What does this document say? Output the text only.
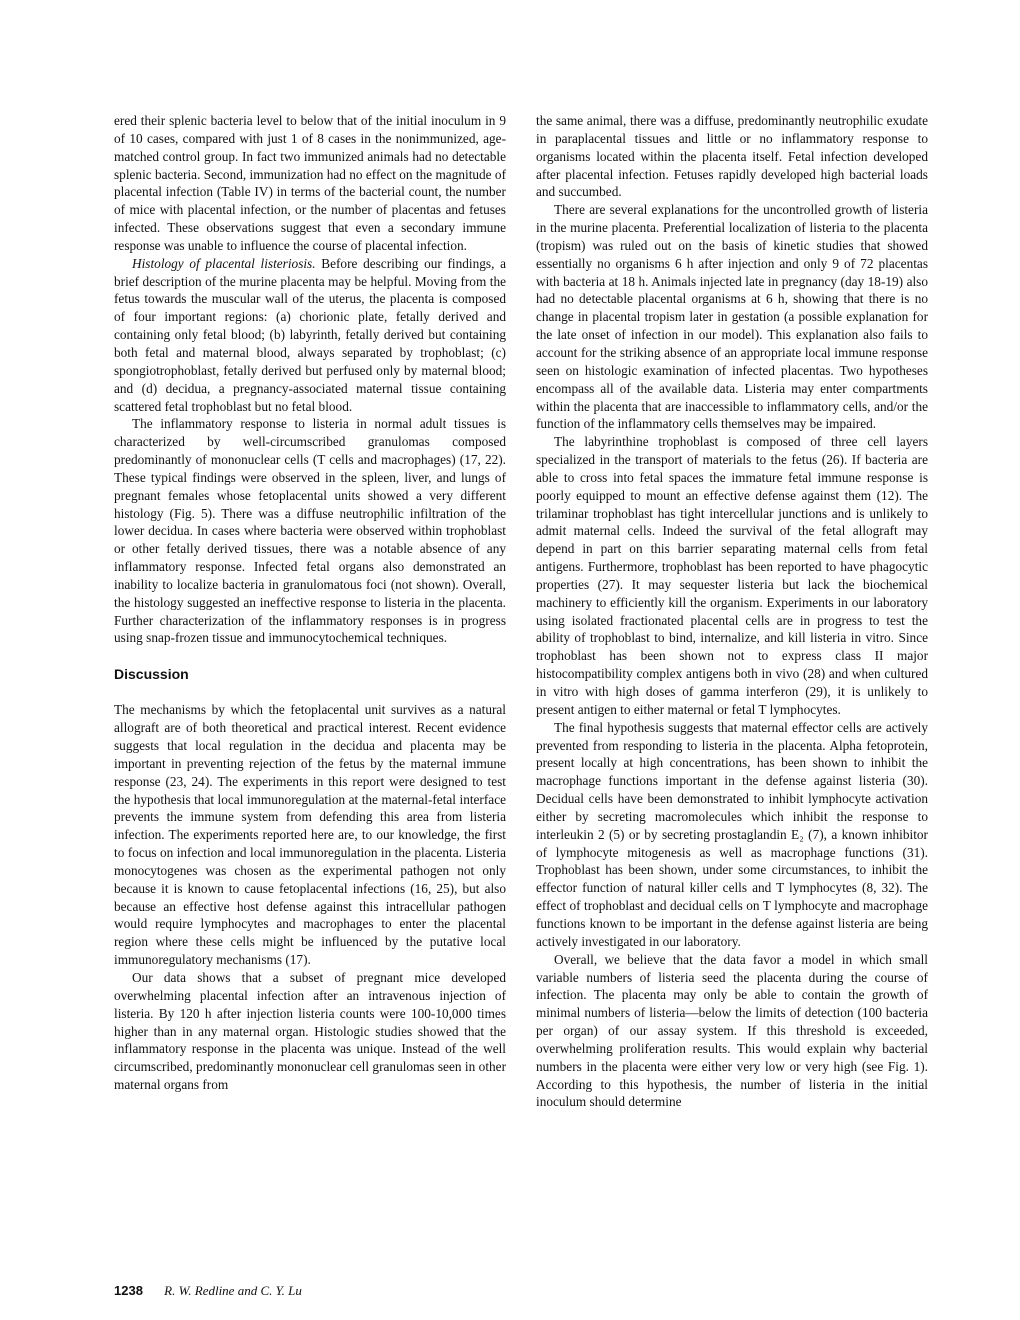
ered their splenic bacteria level to below that of the initial inoculum in 9 of 10 cases, compared with just 1 of 8 cases in the nonimmunized, age-matched control group. In fact two immunized animals had no detectable splenic bacteria. Second, immunization had no effect on the magnitude of placental infection (Table IV) in terms of the bacterial count, the number of mice with placental infection, or the number of placentas and fetuses infected. These observations suggest that even a secondary immune response was unable to influence the course of placental infection.

Histology of placental listeriosis. Before describing our findings, a brief description of the murine placenta may be helpful. Moving from the fetus towards the muscular wall of the uterus, the placenta is composed of four important regions: (a) chorionic plate, fetally derived and containing only fetal blood; (b) labyrinth, fetally derived but containing both fetal and maternal blood, always separated by trophoblast; (c) spongiotrophoblast, fetally derived but perfused only by maternal blood; and (d) decidua, a pregnancy-associated maternal tissue containing scattered fetal trophoblast but no fetal blood.

The inflammatory response to listeria in normal adult tissues is characterized by well-circumscribed granulomas composed predominantly of mononuclear cells (T cells and macrophages) (17, 22). These typical findings were observed in the spleen, liver, and lungs of pregnant females whose fetoplacental units showed a very different histology (Fig. 5). There was a diffuse neutrophilic infiltration of the lower decidua. In cases where bacteria were observed within trophoblast or other fetally derived tissues, there was a notable absence of any inflammatory response. Infected fetal organs also demonstrated an inability to localize bacteria in granulomatous foci (not shown). Overall, the histology suggested an ineffective response to listeria in the placenta. Further characterization of the inflammatory responses is in progress using snap-frozen tissue and immunocytochemical techniques.

Discussion

The mechanisms by which the fetoplacental unit survives as a natural allograft are of both theoretical and practical interest. Recent evidence suggests that local regulation in the decidua and placenta may be important in preventing rejection of the fetus by the maternal immune response (23, 24). The experiments in this report were designed to test the hypothesis that local immunoregulation at the maternal-fetal interface prevents the immune system from defending this area from listeria infection. The experiments reported here are, to our knowledge, the first to focus on infection and local immunoregulation in the placenta. Listeria monocytogenes was chosen as the experimental pathogen not only because it is known to cause fetoplacental infections (16, 25), but also because an effective host defense against this intracellular pathogen would require lymphocytes and macrophages to enter the placental region where these cells might be influenced by the putative local immunoregulatory mechanisms (17).

Our data shows that a subset of pregnant mice developed overwhelming placental infection after an intravenous injection of listeria. By 120 h after injection listeria counts were 100-10,000 times higher than in any maternal organ. Histologic studies showed that the inflammatory response in the placenta was unique. Instead of the well circumscribed, predominantly mononuclear cell granulomas seen in other maternal organs from

the same animal, there was a diffuse, predominantly neutrophilic exudate in paraplacental tissues and little or no inflammatory response to organisms located within the placenta itself. Fetal infection developed after placental infection. Fetuses rapidly developed high bacterial loads and succumbed.

There are several explanations for the uncontrolled growth of listeria in the murine placenta. Preferential localization of listeria to the placenta (tropism) was ruled out on the basis of kinetic studies that showed essentially no organisms 6 h after injection and only 9 of 72 placentas with bacteria at 18 h. Animals injected late in pregnancy (day 18-19) also had no detectable placental organisms at 6 h, showing that there is no change in placental tropism later in gestation (a possible explanation for the late onset of infection in our model). This explanation also fails to account for the striking absence of an appropriate local immune response seen on histologic examination of infected placentas. Two hypotheses encompass all of the available data. Listeria may enter compartments within the placenta that are inaccessible to inflammatory cells, and/or the function of the inflammatory cells themselves may be impaired.

The labyrinthine trophoblast is composed of three cell layers specialized in the transport of materials to the fetus (26). If bacteria are able to cross into fetal spaces the immature fetal immune response is poorly equipped to mount an effective defense against them (12). The trilaminar trophoblast has tight intercellular junctions and is unlikely to admit maternal cells. Indeed the survival of the fetal allograft may depend in part on this barrier separating maternal cells from fetal antigens. Furthermore, trophoblast has been reported to have phagocytic properties (27). It may sequester listeria but lack the biochemical machinery to efficiently kill the organism. Experiments in our laboratory using isolated fractionated placental cells are in progress to test the ability of trophoblast to bind, internalize, and kill listeria in vitro. Since trophoblast has been shown not to express class II major histocompatibility complex antigens both in vivo (28) and when cultured in vitro with high doses of gamma interferon (29), it is unlikely to present antigen to either maternal or fetal T lymphocytes.

The final hypothesis suggests that maternal effector cells are actively prevented from responding to listeria in the placenta. Alpha fetoprotein, present locally at high concentrations, has been shown to inhibit the macrophage functions important in the defense against listeria (30). Decidual cells have been demonstrated to inhibit lymphocyte activation either by secreting macromolecules which inhibit the response to interleukin 2 (5) or by secreting prostaglandin E₂ (7), a known inhibitor of lymphocyte mitogenesis as well as macrophage functions (31). Trophoblast has been shown, under some circumstances, to inhibit the effector function of natural killer cells and T lymphocytes (8, 32). The effect of trophoblast and decidual cells on T lymphocyte and macrophage functions known to be important in the defense against listeria are being actively investigated in our laboratory.

Overall, we believe that the data favor a model in which small variable numbers of listeria seed the placenta during the course of infection. The placenta may only be able to contain the growth of minimal numbers of listeria—below the limits of detection (100 bacteria per organ) of our assay system. If this threshold is exceeded, overwhelming proliferation results. This would explain why bacterial numbers in the placenta were either very low or very high (see Fig. 1). According to this hypothesis, the number of listeria in the initial inoculum should determine

1238 R. W. Redline and C. Y. Lu
